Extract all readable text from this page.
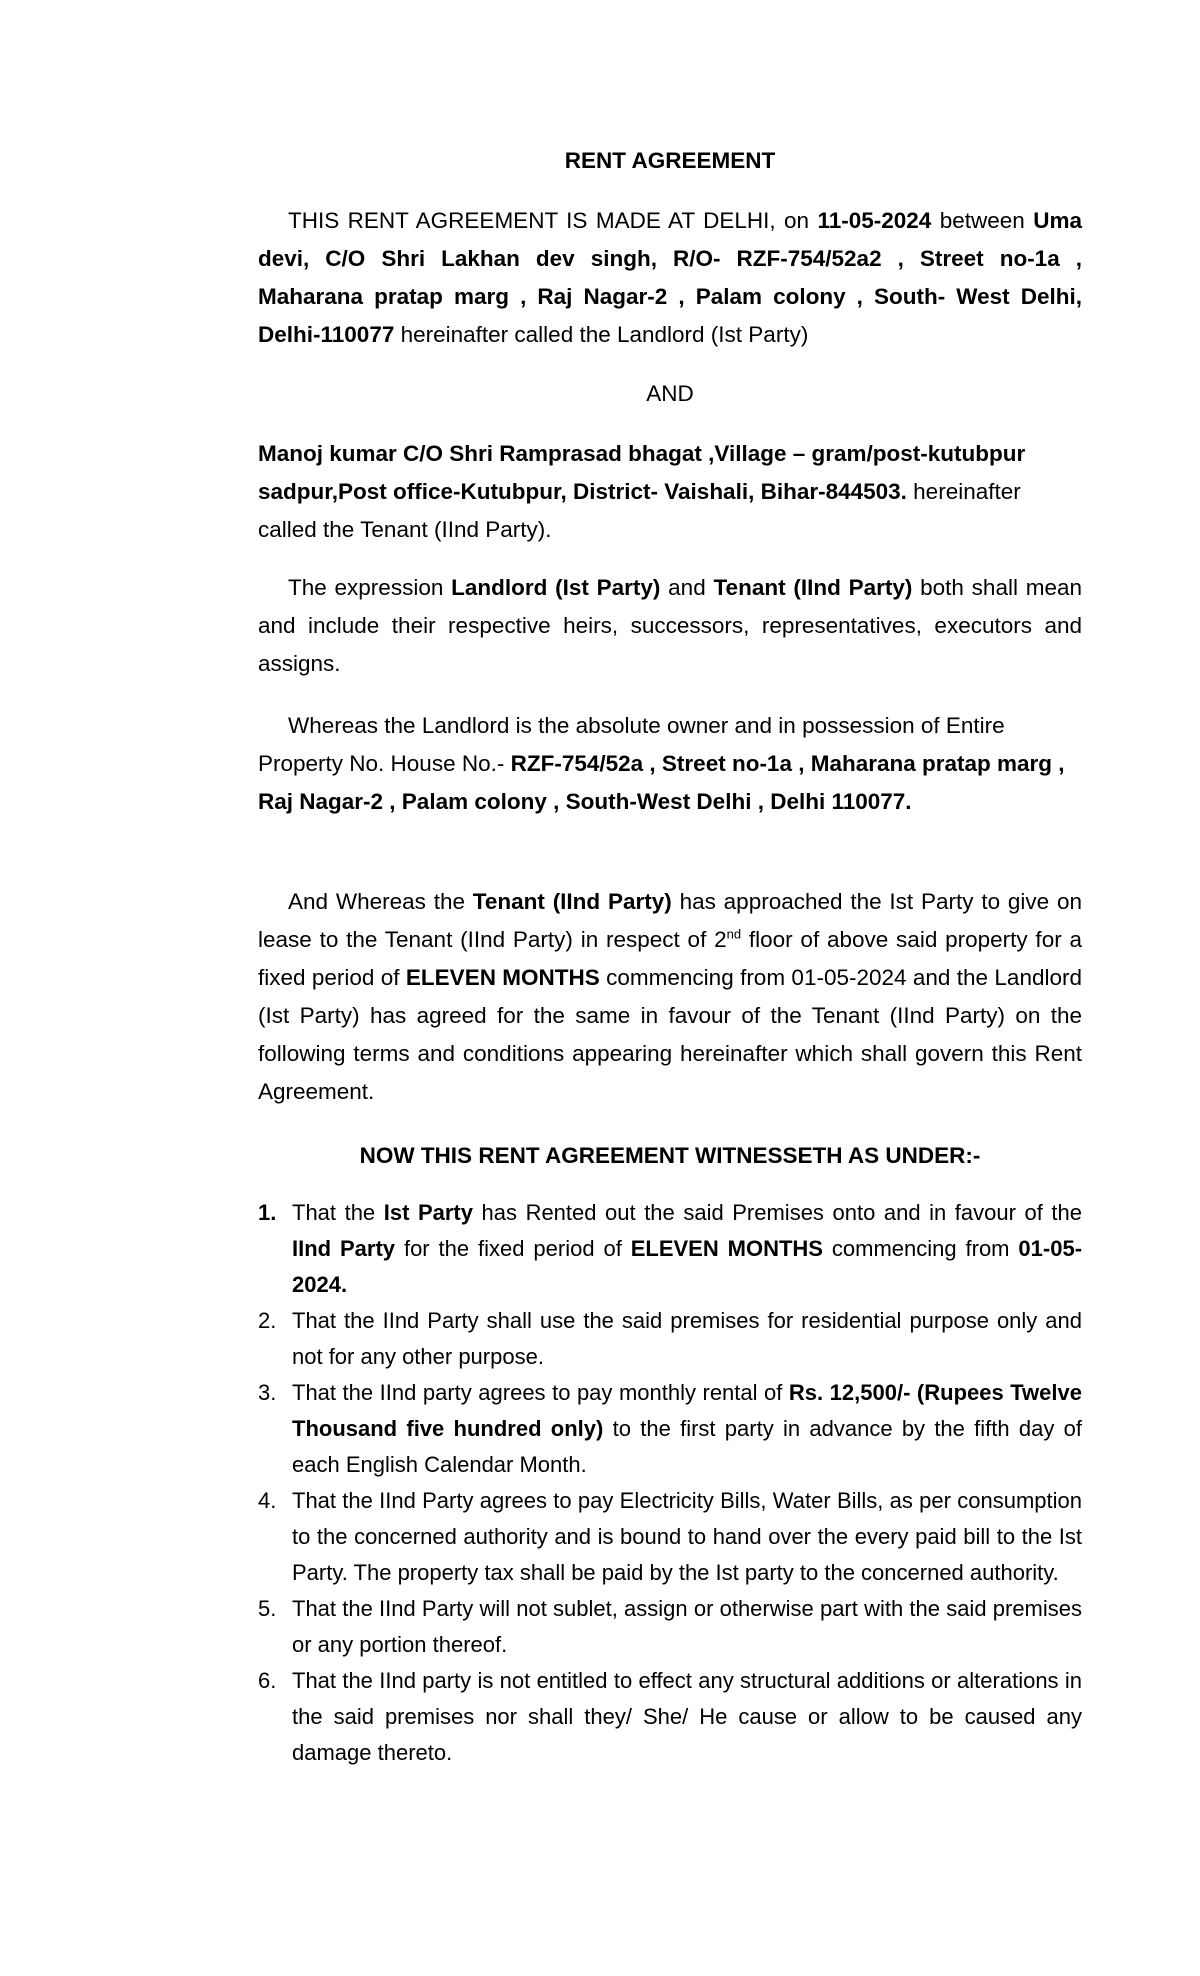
RENT AGREEMENT
THIS RENT AGREEMENT IS MADE AT DELHI, on 11-05-2024 between Uma devi, C/O Shri Lakhan dev singh, R/O- RZF-754/52a2 , Street no-1a , Maharana pratap marg , Raj Nagar-2 , Palam colony , South- West Delhi, Delhi-110077 hereinafter called the Landlord (Ist Party)
AND
Manoj kumar C/O Shri Ramprasad bhagat ,Village – gram/post-kutubpur sadpur,Post office-Kutubpur, District- Vaishali, Bihar-844503. hereinafter called the Tenant (IInd Party).
The expression Landlord (Ist Party) and Tenant (IInd Party) both shall mean and include their respective heirs, successors, representatives, executors and assigns.
Whereas the Landlord is the absolute owner and in possession of Entire Property No. House No.- RZF-754/52a , Street no-1a , Maharana pratap marg , Raj Nagar-2 , Palam colony , South-West Delhi , Delhi 110077.
And Whereas the Tenant (IInd Party) has approached the Ist Party to give on lease to the Tenant (IInd Party) in respect of 2nd floor of above said property for a fixed period of ELEVEN MONTHS commencing from 01-05-2024 and the Landlord (Ist Party) has agreed for the same in favour of the Tenant (IInd Party) on the following terms and conditions appearing hereinafter which shall govern this Rent Agreement.
NOW THIS RENT AGREEMENT WITNESSETH AS UNDER:-
1. That the Ist Party has Rented out the said Premises onto and in favour of the IInd Party for the fixed period of ELEVEN MONTHS commencing from 01-05-2024.
2. That the IInd Party shall use the said premises for residential purpose only and not for any other purpose.
3. That the IInd party agrees to pay monthly rental of Rs. 12,500/- (Rupees Twelve Thousand five hundred only) to the first party in advance by the fifth day of each English Calendar Month.
4. That the IInd Party agrees to pay Electricity Bills, Water Bills, as per consumption to the concerned authority and is bound to hand over the every paid bill to the Ist Party. The property tax shall be paid by the Ist party to the concerned authority.
5. That the IInd Party will not sublet, assign or otherwise part with the said premises or any portion thereof.
6. That the IInd party is not entitled to effect any structural additions or alterations in the said premises nor shall they/ She/ He cause or allow to be caused any damage thereto.
